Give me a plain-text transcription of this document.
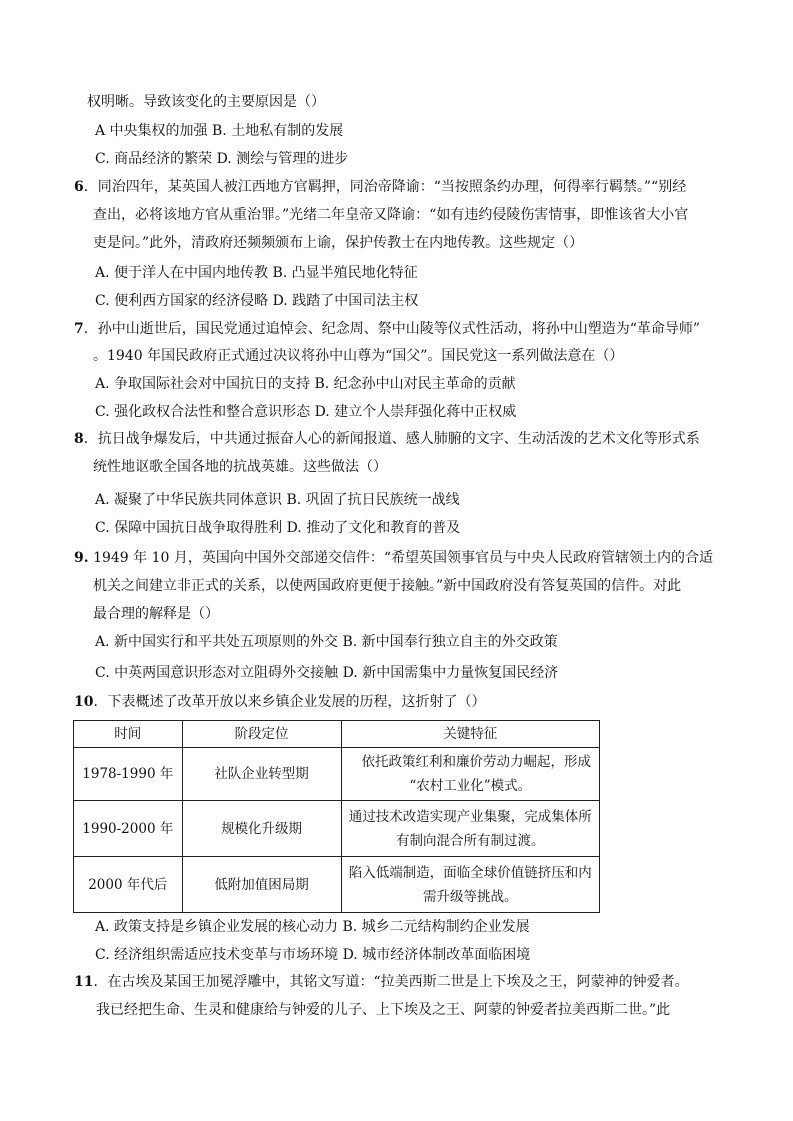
权明晰。导致该变化的主要原因是（）
A 中央集权的加强 B. 土地私有制的发展
C. 商品经济的繁荣 D. 测绘与管理的进步
6．同治四年，某英国人被江西地方官羁押，同治帝降谕：“当按照条约办理，何得率行羁禁。”“别经
查出，必将该地方官从重治罪。”光绪二年皇帝又降谕：“如有违约侵陵伤害情事，即惟该省大小官
吏是问。”此外，清政府还频频颁布上谕，保护传教士在内地传教。这些规定（）
A. 便于洋人在中国内地传教 B. 凸显半殖民地化特征
C. 便利西方国家的经济侵略 D. 践踏了中国司法主权
7．孙中山逝世后，国民党通过追悼会、纪念周、祭中山陵等仪式性活动，将孙中山塑造为“革命导师”
。1940 年国民政府正式通过决议将孙中山尊为“国父”。国民党这一系列做法意在（）
A. 争取国际社会对中国抗日的支持 B. 纪念孙中山对民主革命的贡献
C. 强化政权合法性和整合意识形态 D. 建立个人崇拜强化蒋中正权威
8．抗日战争爆发后，中共通过振奋人心的新闻报道、感人肺腑的文字、生动活泼的艺术文化等形式系
统性地讴歌全国各地的抗战英雄。这些做法（）
A. 凝聚了中华民族共同体意识 B. 巩固了抗日民族统一战线
C. 保障中国抗日战争取得胜利 D. 推动了文化和教育的普及
9. 1949 年 10 月，英国向中国外交部递交信件：“希望英国领事官员与中央人民政府管辖领土内的合适
机关之间建立非正式的关系，以使两国政府更便于接触。”新中国政府没有答复英国的信件。对此
最合理的解释是（）
A. 新中国实行和平共处五项原则的外交 B. 新中国奉行独立自主的外交政策
C. 中英两国意识形态对立阻碍外交接触 D. 新中国需集中力量恢复国民经济
10．下表概述了改革开放以来乡镇企业发展的历程，这折射了（）
时间	阶段定位	关键特征
1978-1990 年	社队企业转型期	依托政策红利和廉价劳动力崛起，形成
“农村工业化”模式。

1990-2000 年	规模化升级期	通过技术改造实现产业集聚，完成集体所
有制向混合所有制过渡。

2000 年代后	低附加值困局期	陷入低端制造，面临全球价值链挤压和内
需升级等挑战。
A. 政策支持是乡镇企业发展的核心动力 B. 城乡二元结构制约企业发展
C. 经济组织需适应技术变革与市场环境 D. 城市经济体制改革面临困境
11．在古埃及某国王加冕浮雕中，其铭文写道：“拉美西斯二世是上下埃及之王，阿蒙神的钟爱者。
我已经把生命、生灵和健康给与钟爱的儿子、上下埃及之王、阿蒙的钟爱者拉美西斯二世。”此
